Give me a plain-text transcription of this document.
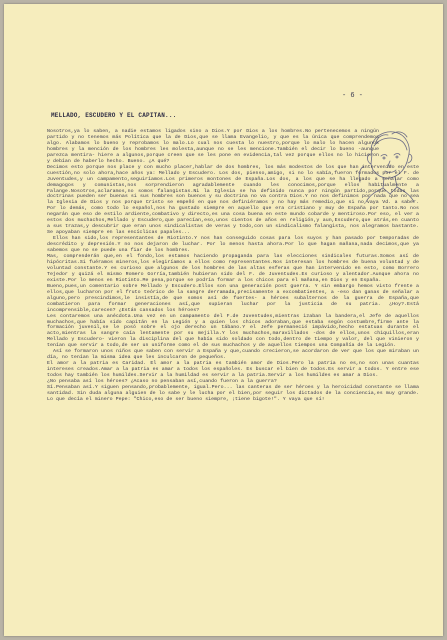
- 6 -
MELLADO, ESCUDERO Y EL CAPITAN...

Nosotros,ya lo saben, a nadie estamos ligados sino a Dios.Y por Dios a los hombres.No pertenecemos a ningún partido y no tenemos más Política que la de Dios,que se llama Evangelio, y que es la única que comprendemos algo. Alabamos lo bueno y reprobamos lo malo.Lo cual nos cuesta lo nuestro,porque lo malo lo hacen algunos hombres y la mención de los hombres les molesta,aunque no se les mencione.También el decir lo bueno -aunque parezca mentira- hiere a algunos,porque creen que se les pone en evidencia,tal vez porque ellos no lo hicieron y debían de haberlo hecho. Bueno. ¿A qué?

Decimos esto porque nos place y con mucho placer,hablar de dos hombres, los más modestos de los que han intervenido en este cuestión,no solo ahora,hace años ya: Mellado y Escudero. Los dos, pienso,amigo, si no lo sabía,fueron formados por el F. de Juventudes,y un campamento,seguiríamos.Los primeros montones de España.Los dos, a los que se ha llegado a señalar como demagogos y comunistas,nos sorprendieron agradablemente cuando les conocimos,porque ellos habitualmente a Falange.Nosotros,aclaramos,no somos falangistas.Ni la Iglesia se ha definido nunca por ningún partido,porque todas las doctrinas pueden ser buenas si sus hombres son buenos y su doctrina no va contra Dios.Y no nos definimos por nada que no sea la Iglesia de Dios y nos porque Cristo se empeñó en que nos definiéramos y no hay más remedio,que si no,vaya Vd. a saber. Por lo demás, como todo lo español,nos ha gustado siempre en aquello que era cristiano y muy de España por tanto.No nos negarán que eso de estilo ardiente,combativo y directo,es una cosa buena en este mundo cobarde y mentiroso.Por eso, el ver a estos dos muchachos,Mellado y Escudero,que parecían,eso,unos cientos de años en religión,y aun,Escudero,que atrás,en cuanto a sus trazas,y descubrir que eran unos sindicalistas de veras y todo,con un sindicalismo falangista, nos alegramos bastante. Se apoyaban siempre en las encíclicas papales...

Ellos han sido,los representantes de Riotinto.Y nos han conseguido cosas para los suyos y han pasado por temporadas de descrédito y depresión.Y no nos dejaron de luchar. Por lo menos hasta ahora.Por lo que hagan mañana,nada decimos,que ya sabemos que no se puede una fiar de los hombres.

Mas, comprenderán que,en el fondo,los estamos haciendo propaganda para las elecciones sindicales futuras.Somos así de hipócritas.Si fuéramos mineros,los elegiríamos a ellos como representantes.Nos interesan los hombres de buena voluntad y de voluntad constante.Y es curioso que algunos de los hombres de las altas esferas que han intervenido en esto, como Borrero Tejedor y quizá el mismo Romero Gorría,también hubieran sido del F. de Juventudes.Es curioso y alentador.Aunque ahora no existe.Por lo menos en Riotinto.Me pena,porque se podría formar a los chicos para el mañana,en Dios y en España.

Bueno,pues,un comentario sobre Mellado y Escudero.Ellos son una generación post guerra. Y sin embargo hemos visto frente a ellos,que lucharon por el fruto teórico de la sangre derramada,precisamente a excombatientes, a -eso dan ganas de señalar a alguno,pero prescindimos,le insistía,de que somos así de fuertes- a héroes subalternos de la guerra de España,que combatieron para formar generaciones así,que supieran luchar por la justicia de su patria. ¿Hoy?.Está incomprensible,carecen? ¿Están cansados los héroes?

Les contaremos una anécdota.Una vez en un campamento del F.de Juventudes,mientras izaban la bandera,el Jefe de aquellos muchachos,que había sido capitán en la Legión y a quien los chicos adoraban,que estaba según costumbre,firme ante la formación juvenil,se le posó sobre el ojo derecho un tábano.Y el Jefe permaneció impávido,hecho estatuas durante el acto,mientras la sangre caía lentamente por su mejilla.Y los muchachos,maravillados -dos de ellos,unos chiquillos,eran Mellado y Escudero- vieron la disciplina del que había sido soldado con todo,dentro de tiempo y valor, del que vinieron y tenían que servir a todo,de ser un uniforme como el de sus muchachos y de aquellos tiempos una Compañía de la Legión.

Así se formaron unos niños que saben con servir a España y que,cuando crecieron,se acordaron de ver que los que miraban un día, no tenían la misma idea que les inculcaron de pequeños.

El amor a la patria es Caridad. El amor a la patria es también amor de Dios.Pero la patria no es,no son unas cuantas intereses creados.Amar a la patria es amar a todos los españoles. Es buscar el bien de todos.Es servir a todos. Y entre ese todos hay también los humildes.Servir a la humildad es servir a la patria.Servir a los humildes es amar a Dios.

¿No pensaba así los héroes? ¿Acaso no pensaban así,cuando fueron a la guerra?

Sí.Pensaban así.Y siguen pensando,probablemente, igual.Pero... las canteras de ser héroes y la heroicidad constante se llama santidad. Sin duda alguna alguien de lo sabe y le lucha por el bien,por seguir los dictados de la conciencia,es muy grande. Lo que decía el minero Pepe: "Chico,eso de ser bueno siempre, ¡tiene bigote!". Y vaya que sí!
